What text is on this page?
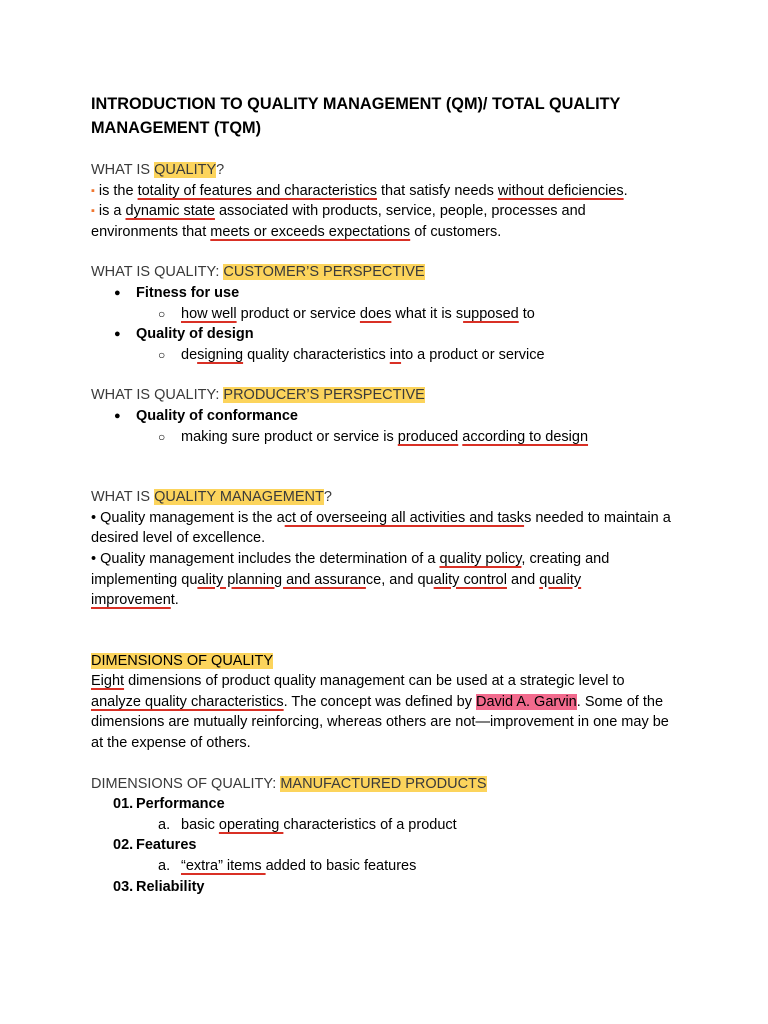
INTRODUCTION TO QUALITY MANAGEMENT (QM)/ TOTAL QUALITY MANAGEMENT (TQM)

WHAT IS QUALITY?

▪ is the totality of features and characteristics that satisfy needs without deficiencies.

▪ is a dynamic state associated with products, service, people, processes and environments that meets or exceeds expectations of customers.

WHAT IS QUALITY: CUSTOMER’S PERSPECTIVE

● Fitness for use
○ how well product or service does what it is supposed to
● Quality of design
○ designing quality characteristics into a product or service

WHAT IS QUALITY: PRODUCER’S PERSPECTIVE

● Quality of conformance
○ making sure product or service is produced according to design

WHAT IS QUALITY MANAGEMENT?

• Quality management is the act of overseeing all activities and tasks needed to maintain a desired level of excellence.

• Quality management includes the determination of a quality policy, creating and implementing quality planning and assurance, and quality control and quality improvement.

DIMENSIONS OF QUALITY

Eight dimensions of product quality management can be used at a strategic level to analyze quality characteristics. The concept was defined by David A. Garvin. Some of the dimensions are mutually reinforcing, whereas others are not—improvement in one may be at the expense of others.

DIMENSIONS OF QUALITY: MANUFACTURED PRODUCTS

01. Performance
a. basic operating characteristics of a product
02. Features
a. “extra” items added to basic features
03. Reliability
